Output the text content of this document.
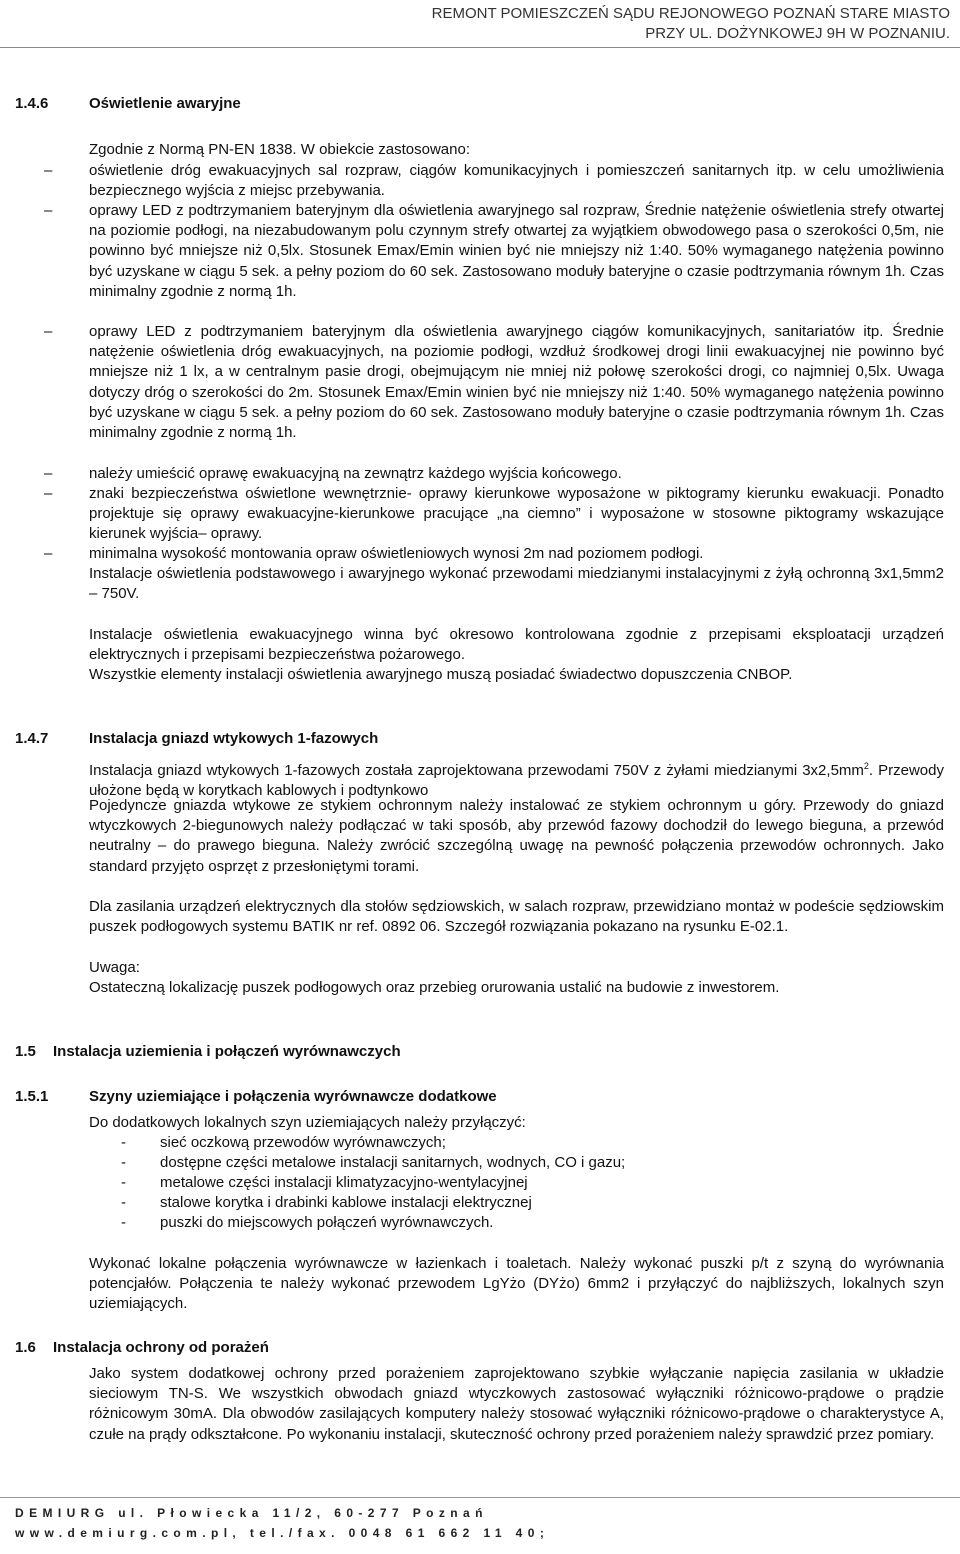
REMONT POMIESZCZEŃ SĄDU REJONOWEGO POZNAŃ STARE MIASTO
PRZY UL. DOŻYNKOWEJ 9H W POZNANIU.
1.4.6	Oświetlenie awaryjne
Zgodnie z Normą PN-EN 1838. W obiekcie zastosowano:
– oświetlenie dróg ewakuacyjnych sal rozpraw, ciągów komunikacyjnych i pomieszczeń sanitarnych itp. w celu umożliwienia bezpiecznego wyjścia z miejsc przebywania.
– oprawy LED z podtrzymaniem bateryjnym dla oświetlenia awaryjnego sal rozpraw, Średnie natężenie oświetlenia strefy otwartej na poziomie podłogi, na niezabudowanym polu czynnym strefy otwartej za wyjątkiem obwodowego pasa o szerokości 0,5m, nie powinno być mniejsze niż 0,5lx. Stosunek Emax/Emin winien być nie mniejszy niż 1:40. 50% wymaganego natężenia powinno być uzyskane w ciągu 5 sek. a pełny poziom do 60 sek. Zastosowano moduły bateryjne o czasie podtrzymania równym 1h. Czas minimalny zgodnie z normą 1h.
– oprawy LED z podtrzymaniem bateryjnym dla oświetlenia awaryjnego ciągów komunikacyjnych, sanitariatów itp. Średnie natężenie oświetlenia dróg ewakuacyjnych, na poziomie podłogi, wzdłuż środkowej drogi linii ewakuacyjnej nie powinno być mniejsze niż 1 lx, a w centralnym pasie drogi, obejmującym nie mniej niż połowę szerokości drogi, co najmniej 0,5lx. Uwaga dotyczy dróg o szerokości do 2m. Stosunek Emax/Emin winien być nie mniejszy niż 1:40. 50% wymaganego natężenia powinno być uzyskane w ciągu 5 sek. a pełny poziom do 60 sek. Zastosowano moduły bateryjne o czasie podtrzymania równym 1h. Czas minimalny zgodnie z normą 1h.
– należy umieścić oprawę ewakuacyjną na zewnątrz każdego wyjścia końcowego.
– znaki bezpieczeństwa oświetlone wewnętrznie- oprawy kierunkowe wyposażone w piktogramy kierunku ewakuacji. Ponadto projektuje się oprawy ewakuacyjne-kierunkowe pracujące „na ciemno” i wyposażone w stosowne piktogramy wskazujące kierunek wyjścia– oprawy.
– minimalna wysokość montowania opraw oświetleniowych wynosi 2m nad poziomem podłogi.
Instalacje oświetlenia podstawowego i awaryjnego wykonać przewodami miedzianymi instalacyjnymi z żyłą ochronną 3x1,5mm2 – 750V.
Instalacje oświetlenia ewakuacyjnego winna być okresowo kontrolowana zgodnie z przepisami eksploatacji urządzeń elektrycznych i przepisami bezpieczeństwa pożarowego.
Wszystkie elementy instalacji oświetlenia awaryjnego muszą posiadać świadectwo dopuszczenia CNBOP.
1.4.7	Instalacja gniazd wtykowych 1-fazowych
Instalacja gniazd wtykowych 1-fazowych została zaprojektowana przewodami 750V z żyłami miedzianymi $3x2,5mm^2$. Przewody ułożone będą w korytkach kablowych i podtynkowo
Pojedyncze gniazda wtykowe ze stykiem ochronnym należy instalować ze stykiem ochronnym u góry. Przewody do gniazd wtyczkowych 2-biegunowych należy podłączać w taki sposób, aby przewód fazowy dochodził do lewego bieguna, a przewód neutralny – do prawego bieguna. Należy zwrócić szczególną uwagę na pewność połączenia przewodów ochronnych. Jako standard przyjęto osprzęt z przesłoniętymi torami.
Dla zasilania urządzeń elektrycznych dla stołów sędziowskich, w salach rozpraw, przewidziano montaż w podeście sędziowskim puszek podłogowych systemu BATIK nr ref. 0892 06. Szczegół rozwiązania pokazano na rysunku E-02.1.
Uwaga:
Ostateczną lokalizację puszek podłogowych oraz przebieg orurowania ustalić na budowie z inwestorem.
1.5 Instalacja uziemienia i połączeń wyrównawczych
1.5.1	Szyny uziemiające i połączenia wyrównawcze dodatkowe
Do dodatkowych lokalnych szyn uziemiających należy przyłączyć:
- sieć oczkową przewodów wyrównawczych;
- dostępne części metalowe instalacji sanitarnych, wodnych, CO i gazu;
- metalowe części instalacji klimatyzacyjno-wentylacyjnej
- stalowe korytka i drabinki kablowe instalacji elektrycznej
- puszki do miejscowych połączeń wyrównawczych.
Wykonać lokalne połączenia wyrównawcze w łazienkach i toaletach. Należy wykonać puszki p/t z szyną do wyrównania potencjałów. Połączenia te należy wykonać przewodem LgYżo (DYżo) 6mm2 i przyłączyć do najbliższych, lokalnych szyn uziemiających.
1.6 Instalacja ochrony od porażeń
Jako system dodatkowej ochrony przed porażeniem zaprojektowano szybkie wyłączanie napięcia zasilania w układzie sieciowym TN-S. We wszystkich obwodach gniazd wtyczkowych zastosować wyłączniki różnicowo-prądowe o prądzie różnicowym 30mA. Dla obwodów zasilających komputery należy stosować wyłączniki różnicowo-prądowe o charakterystyce A, czułe na prądy odkształcone. Po wykonaniu instalacji, skuteczność ochrony przed porażeniem należy sprawdzić przez pomiary.
DEMIURG ul. Płowiecka 11/2, 60-277 Poznań
www.demiurg.com.pl, tel./fax. 0048 61 662 11 40;
